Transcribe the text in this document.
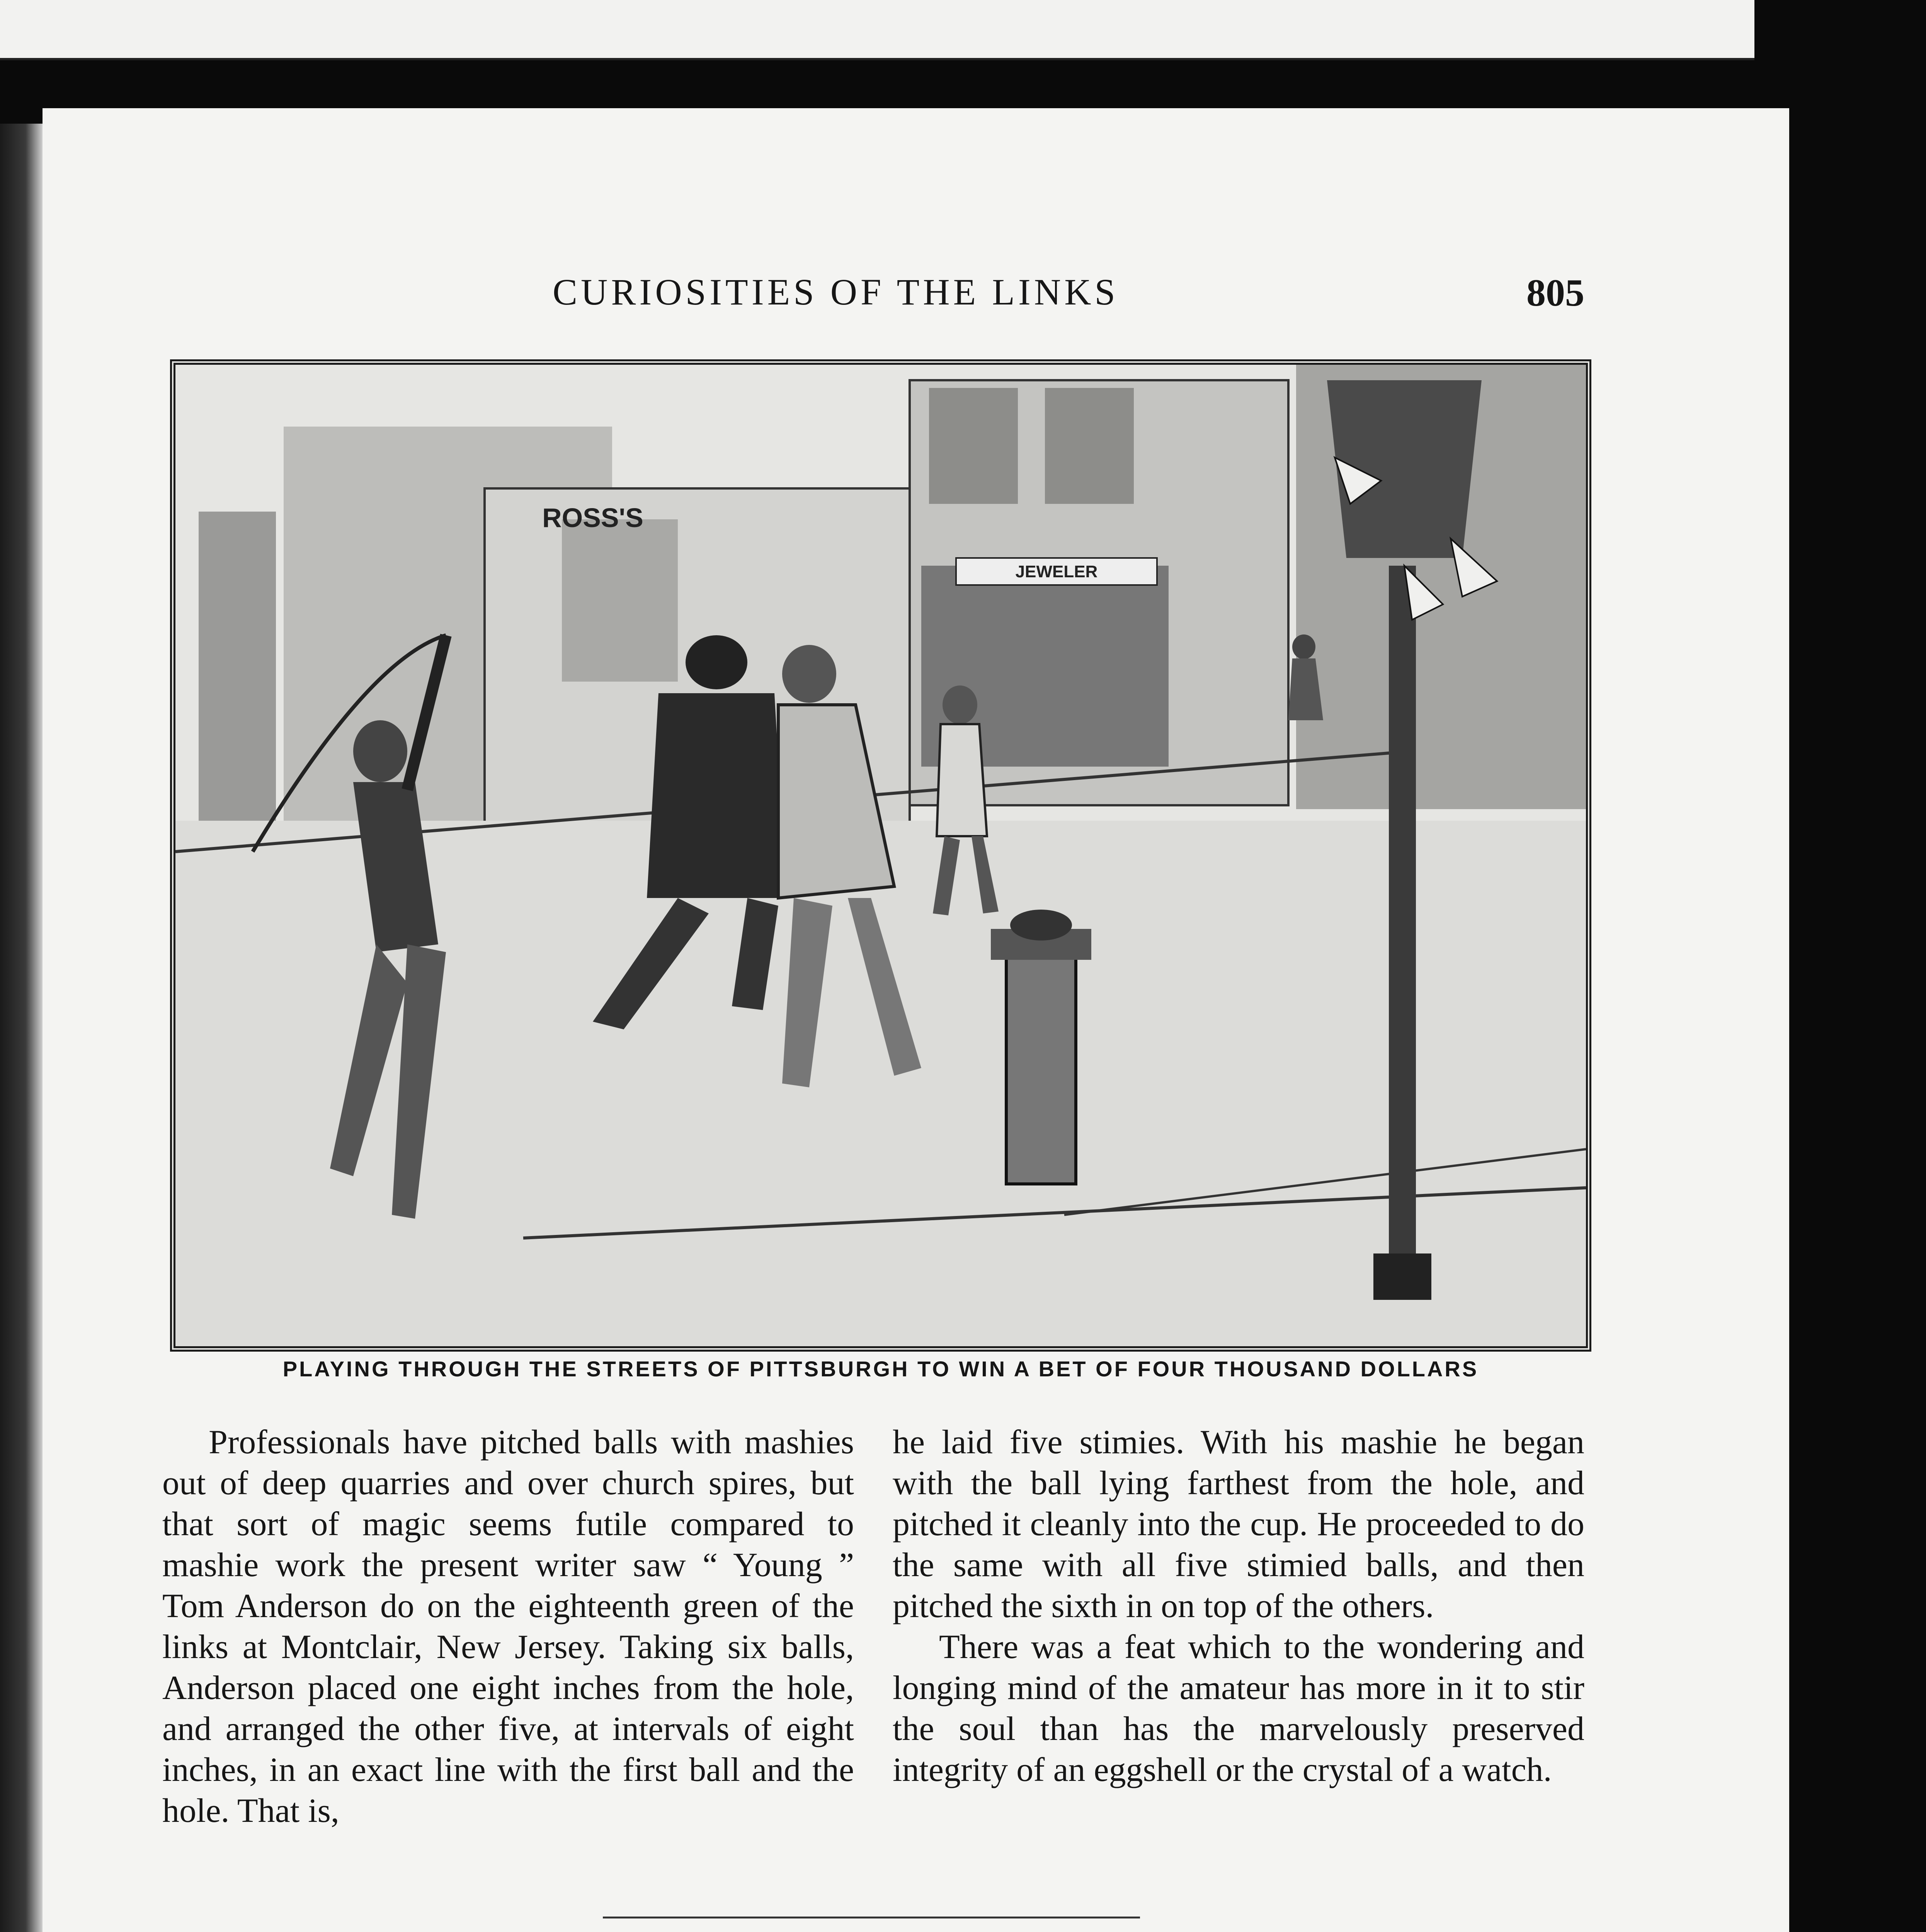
CURIOSITIES OF THE LINKS	805
JEWELER
ROSS'S
PLAYING THROUGH THE STREETS OF PITTSBURGH TO WIN A BET OF FOUR THOUSAND DOLLARS

Professionals have pitched balls with mashies out of deep quarries and over church spires, but that sort of magic seems futile compared to mashie work the present writer saw “ Young ” Tom Anderson do on the eighteenth green of the links at Montclair, New Jersey. Taking six balls, Anderson placed one eight inches from the hole, and arranged the other five, at intervals of eight inches, in an exact line with the first ball and the hole. That is,

he laid five stimies. With his mashie he began with the ball lying farthest from the hole, and pitched it cleanly into the cup. He proceeded to do the same with all five stimied balls, and then pitched the sixth in on top of the others.

There was a feat which to the wondering and longing mind of the amateur has more in it to stir the soul than has the marvelously preserved integrity of an eggshell or the crystal of a watch.
